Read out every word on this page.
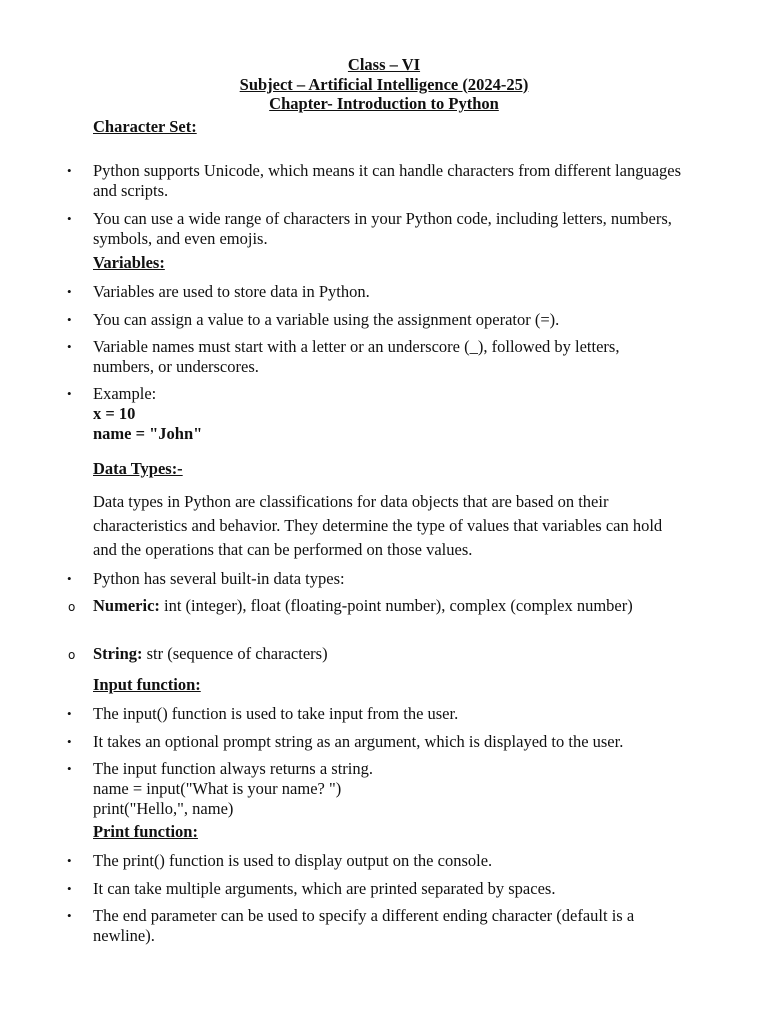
Class – VI
Subject – Artificial Intelligence (2024-25)
Chapter- Introduction to Python
Character Set:
• Python supports Unicode, which means it can handle characters from different languages and scripts.
• You can use a wide range of characters in your Python code, including letters, numbers, symbols, and even emojis.
Variables:
• Variables are used to store data in Python.
• You can assign a value to a variable using the assignment operator (=).
• Variable names must start with a letter or an underscore (_), followed by letters, numbers, or underscores.
• Example:
x = 10
name = "John"
Data Types:-
Data types in Python are classifications for data objects that are based on their characteristics and behavior. They determine the type of values that variables can hold and the operations that can be performed on those values.
• Python has several built-in data types:
o Numeric: int (integer), float (floating-point number), complex (complex number)
o String: str (sequence of characters)
Input function:
• The input() function is used to take input from the user.
• It takes an optional prompt string as an argument, which is displayed to the user.
• The input function always returns a string.
name = input("What is your name? ")
print("Hello,", name)
Print function:
• The print() function is used to display output on the console.
• It can take multiple arguments, which are printed separated by spaces.
• The end parameter can be used to specify a different ending character (default is a newline).
